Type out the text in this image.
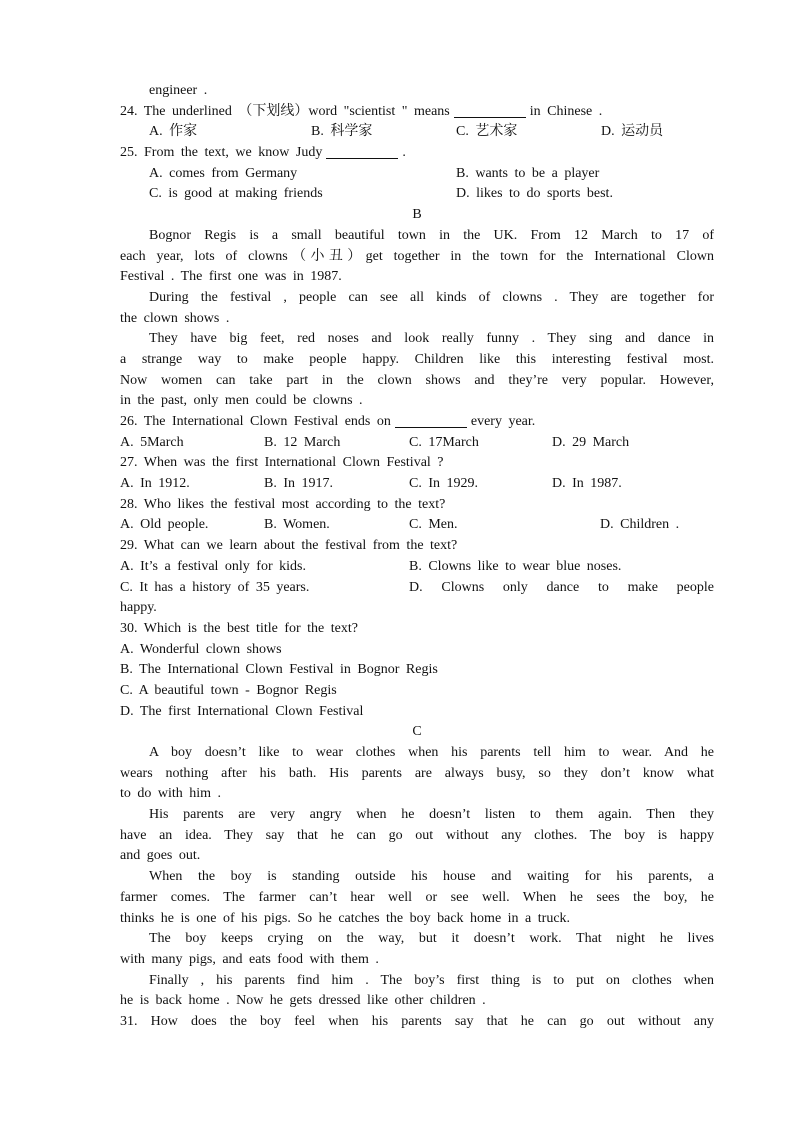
engineer .
24. The underlined （下划线）word "scientist " means	in Chinese .
A. 作家	B. 科学家	C. 艺术家	D. 运动员
25. From the text, we know Judy	.
A. comes from Germany	B. wants to be a player
C. is good at making friends	D. likes to do sports best.
B
Bognor Regis is a small beautiful town in the UK. From 12 March to 17 of
each year, lots of clowns（小丑）get together in the town for the International Clown
Festival . The first one was in 1987.
During the festival , people can see all kinds of clowns . They are together for
the clown shows .
They have big feet, red noses and look really funny . They sing and dance in
a strange way to make people happy. Children like this interesting festival most.
Now women can take part in the clown shows and they’re very popular. However,
in the past, only men could be clowns .
26. The International Clown Festival ends on	every year.
A. 5March	B. 12 March	C. 17March	D. 29 March
27. When was the first International Clown Festival ?
A. In 1912.	B. In 1917.	C. In 1929.	D. In 1987.
28. Who likes the festival most according to the text?
A. Old people.	B. Women.	C. Men.	D. Children .
29. What can we learn about the festival from the text?
A. It’s a festival only for kids.	B. Clowns like to wear blue noses.
C. It has a history of 35 years.	D. Clowns only dance to make people
happy.
30. Which is the best title for the text?
A. Wonderful clown shows
B. The International Clown Festival in Bognor Regis
C. A beautiful town - Bognor Regis
D. The first International Clown Festival
C
A boy doesn’t like to wear clothes when his parents tell him to wear. And he
wears nothing after his bath. His parents are always busy, so they don’t know what
to do with him .
His parents are very angry when he doesn’t listen to them again. Then they
have an idea. They say that he can go out without any clothes. The boy is happy
and goes out.
When the boy is standing outside his house and waiting for his parents, a
farmer comes. The farmer can’t hear well or see well. When he sees the boy, he
thinks he is one of his pigs. So he catches the boy back home in a truck.
The boy keeps crying on the way, but it doesn’t work. That night he lives
with many pigs, and eats food with them .
Finally , his parents find him . The boy’s first thing is to put on clothes when
he is back home . Now he gets dressed like other children .
31. How does the boy feel when his parents say that he can go out without any
